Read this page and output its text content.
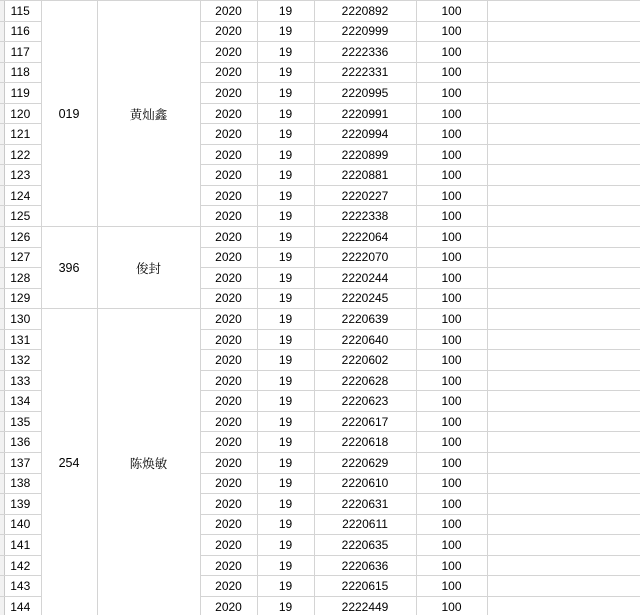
115	019	黄灿鑫	2020	19	2220892	100	
116			2020	19	2220999	100	
117			2020	19	2222336	100	
118			2020	19	2222331	100	
119			2020	19	2220995	100	
120			2020	19	2220991	100	
121			2020	19	2220994	100	
122			2020	19	2220899	100	
123			2020	19	2220881	100	
124			2020	19	2220227	100	
125			2020	19	2222338	100	
126	396	俊封	2020	19	2222064	100	
127			2020	19	2222070	100	
128			2020	19	2220244	100	
129			2020	19	2220245	100	
130	254	陈焕敏	2020	19	2220639	100	
131			2020	19	2220640	100	
132			2020	19	2220602	100	
133			2020	19	2220628	100	
134			2020	19	2220623	100	
135			2020	19	2220617	100	
136			2020	19	2220618	100	
137			2020	19	2220629	100	
138			2020	19	2220610	100	
139			2020	19	2220631	100	
140			2020	19	2220611	100	
141			2020	19	2220635	100	
142			2020	19	2220636	100	
143			2020	19	2220615	100	
144			2020	19	2222449	100	
